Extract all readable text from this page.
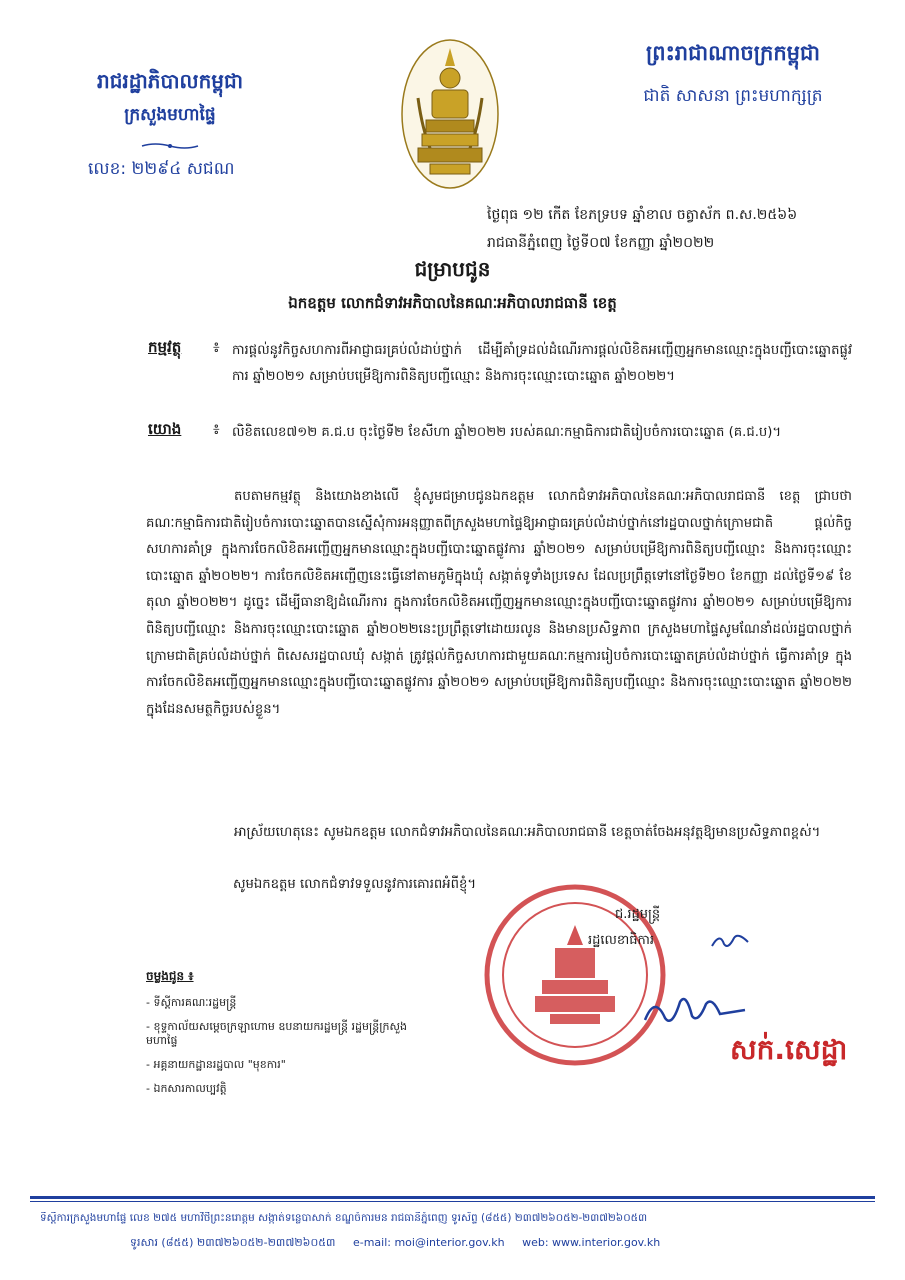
រាជរដ្ឋាភិបាលកម្ពុជា
ក្រសួងមហាផ្ទៃ
លេខ: ២២៩៤ សជណ
ព្រះរាជាណាចក្រកម្ពុជា
ជាតិ សាសនា ព្រះមហាក្សត្រ
ថ្ងៃពុធ ១២ កើត ខែភទ្របទ ឆ្នាំខាល ចត្វាស័ក ព.ស.២៥៦៦
រាជធានីភ្នំពេញ ថ្ងៃទី០៧ ខែកញ្ញា ឆ្នាំ២០២២
ជម្រាបជូន
ឯកឧត្តម លោកជំទាវអភិបាលនៃគណៈអភិបាលរាជធានី ខេត្ត
កម្មវត្ថុ ៖ ការផ្តល់នូវកិច្ចសហការពីអាជ្ញាធរគ្រប់លំដាប់ថ្នាក់ ដើម្បីគាំទ្រដល់ដំណើរការផ្តល់លិខិតអញ្ជើញអ្នកមានឈ្មោះក្នុងបញ្ជីបោះឆ្នោតផ្លូវការ ឆ្នាំ២០២១ សម្រាប់បម្រើឱ្យការពិនិត្យបញ្ជីឈ្មោះ និងការចុះឈ្មោះបោះឆ្នោត ឆ្នាំ២០២២។
យោង ៖ លិខិតលេខ៧១២ គ.ជ.ប ចុះថ្ងៃទី២ ខែសីហា ឆ្នាំ២០២២ របស់គណៈកម្មាធិការជាតិរៀបចំការបោះឆ្នោត (គ.ជ.ប)។
តបតាមកម្មវត្ថុ និងយោងខាងលើ ខ្ញុំសូមជម្រាបជូនឯកឧត្តម លោកជំទាវអភិបាលនៃគណៈអភិបាលរាជធានី ខេត្ត ជ្រាបថា គណៈកម្មាធិការជាតិរៀបចំការបោះឆ្នោតបានស្នើសុំការអនុញ្ញាតពីក្រសួងមហាផ្ទៃឱ្យអាជ្ញាធរគ្រប់លំដាប់ថ្នាក់នៅរដ្ឋបាលថ្នាក់ក្រោមជាតិ ផ្តល់កិច្ចសហការគាំទ្រ ក្នុងការចែកលិខិតអញ្ជើញអ្នកមានឈ្មោះក្នុងបញ្ជីបោះឆ្នោតផ្លូវការ ឆ្នាំ២០២១ សម្រាប់បម្រើឱ្យការពិនិត្យបញ្ជីឈ្មោះ និងការចុះឈ្មោះបោះឆ្នោត ឆ្នាំ២០២២។ ការចែកលិខិតអញ្ជើញនេះធ្វើនៅតាមភូមិក្នុងឃុំ សង្កាត់ទូទាំងប្រទេស ដែលប្រព្រឹត្តទៅនៅថ្ងៃទី២០ ខែកញ្ញា ដល់ថ្ងៃទី១៩ ខែតុលា ឆ្នាំ២០២២។ ដូច្នេះ ដើម្បីធានាឱ្យដំណើរការ ក្នុងការចែកលិខិតអញ្ជើញអ្នកមានឈ្មោះក្នុងបញ្ជីបោះឆ្នោតផ្លូវការ ឆ្នាំ២០២១ សម្រាប់បម្រើឱ្យការពិនិត្យបញ្ជីឈ្មោះ និងការចុះឈ្មោះបោះឆ្នោត ឆ្នាំ២០២២នេះប្រព្រឹត្តទៅដោយរលូន និងមានប្រសិទ្ធភាព ក្រសួងមហាផ្ទៃសូមណែនាំដល់រដ្ឋបាលថ្នាក់ក្រោមជាតិគ្រប់លំដាប់ថ្នាក់ ពិសេសរដ្ឋបាលឃុំ សង្កាត់ ត្រូវផ្តល់កិច្ចសហការជាមួយគណៈកម្មការរៀបចំការបោះឆ្នោតគ្រប់លំដាប់ថ្នាក់ ធ្វើការគាំទ្រ ក្នុងការចែកលិខិតអញ្ជើញអ្នកមានឈ្មោះក្នុងបញ្ជីបោះឆ្នោតផ្លូវការ ឆ្នាំ២០២១ សម្រាប់បម្រើឱ្យការពិនិត្យបញ្ជីឈ្មោះ និងការចុះឈ្មោះបោះឆ្នោត ឆ្នាំ២០២២ ក្នុងដែនសមត្ថកិច្ចរបស់ខ្លួន។
អាស្រ័យហេតុនេះ សូមឯកឧត្តម លោកជំទាវអភិបាលនៃគណៈអភិបាលរាជធានី ខេត្តចាត់ចែងអនុវត្តឱ្យមានប្រសិទ្ធភាពខ្ពស់។
សូមឯកឧត្តម លោកជំទាវទទួលនូវការគោរពអំពីខ្ញុំ។
ជ.រដ្ឋមន្ត្រី
រដ្ឋលេខាធិការ
សក់.សេដ្ឋា
ចម្លងជូន ៖
- ទីស្តីការគណៈរដ្ឋមន្ត្រី
- ខុទ្ទកាល័យសម្តេចក្រឡាហោម ឧបនាយករដ្ឋមន្ត្រី រដ្ឋមន្ត្រីក្រសួងមហាផ្ទៃ
- អគ្គនាយកដ្ឋានរដ្ឋបាល "មុខការ"
- ឯកសារកាលប្បវត្តិ
ទីស្តីការក្រសួងមហាផ្ទៃ លេខ ២៧៥ មហាវិថីព្រះនរោត្តម សង្កាត់ទន្លេបាសាក់ ខណ្ឌចំការមន រាជធានីភ្នំពេញ ទូរស័ព្ទ (៨៥៥) ២៣៧២៦០៥២-២៣៧២៦០៥៣
ទូរសារ (៨៥៥) ២៣៧២៦០៥២-២៣៧២៦០៥៣ e-mail: moi@interior.gov.kh web: www.interior.gov.kh
